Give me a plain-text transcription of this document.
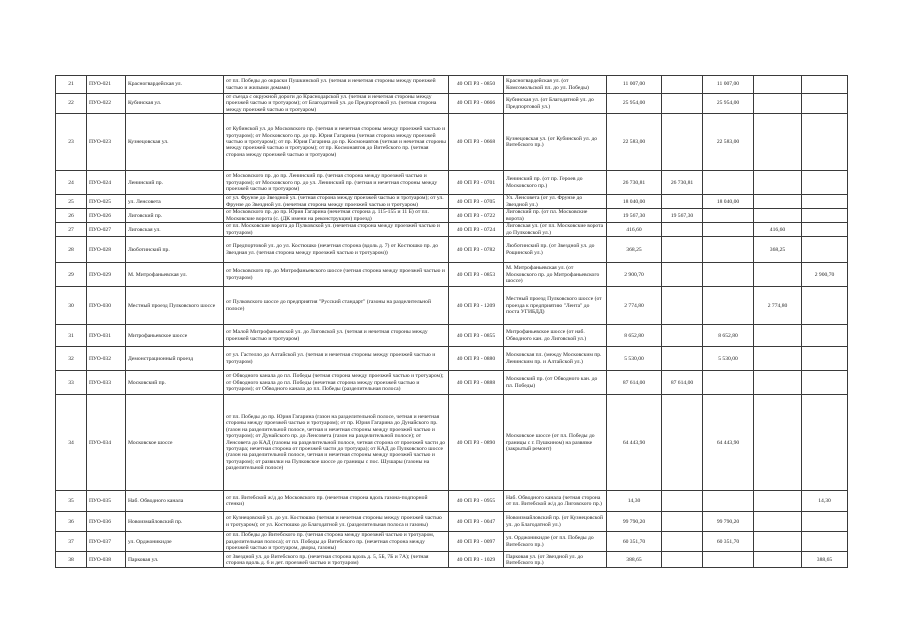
21	ПУО-021	Красногвардейская ул.	от пл. Победы до окраски Пушкинской ул. (четная и нечетная стороны между проезжей частью и жилыми домами)	40 ОП РЗ - 0850	Красногвардейская ул. (от Комсомольской пл. до ул. Победы)	11 007,00		11 007,00		
22	ПУО-022	Кубинская ул.	от съезда с окружной дороги до Краснодарской ул. (четная и нечетная стороны между проезжей частью и тротуаром); от Благодатной ул. до Предпортовой ул. (четная сторона между проезжей частью и тротуаром)	40 ОП РЗ - 0666	Кубинская ул. (от Благодатной ул. до Предпортовой ул.)	25 954,00		25 954,00		
23	ПУО-023	Кузнецовская ул.	от Кубинской ул. до Московского пр. (четная и нечетная стороны между проезжей частью и тротуаром); от Московского пр. до пр. Юрия Гагарина (четная сторона между проезжей частью и тротуаром); от пр. Юрия Гагарина до пр. Космонавтов (четная и нечетная стороны между проезжей частью и тротуаром); от пр. Космонавтов до Витебского пр. (четная сторона между проезжей частью и тротуаром)	40 ОП РЗ - 0668	Кузнецовская ул. (от Кубинской ул. до Витебского пр.)	22 583,00		22 583,00		
24	ПУО-024	Ленинский пр.	от Московского пр. до пр. Ленинский пр. (четная сторона между проезжей частью и тротуаром); от Московского пр. до ул. Ленинский пр. (четная и нечетная стороны между проезжей частью и тротуаром)	40 ОП РЗ - 0701	Ленинский пр. (от пр. Героев до Московского пр.)	26 730,81	26 730,81			
25	ПУО-025	ул. Ленсовета	от ул. Фрунзе до Звездной ул. (четная сторона между проезжей частью и тротуаром); от ул. Фрунзе до Звездной ул. (нечетная сторона между проезжей частью и тротуаром)	40 ОП РЗ - 0705	Ул. Ленсовета (от ул. Фрунзе до Звездной ул.)	18 040,00		18 040,00		
26	ПУО-026	Лиговский пр.	от Московского пр. до пр. Юрия Гагарина (нечетная сторона д. 115-155 и 11 Б) от пл. Московские ворота (с. (ДК имени на реконструкции) проезд)	40 ОП РЗ - 0722	Лиговский пр. (от пл. Московские ворота)	19 567,30	19 567,30			
27	ПУО-027	Лиговская ул.	от пл. Московские ворота до Пулковской ул. (нечетная сторона между проезжей частью и тротуаром)	40 ОП РЗ - 0724	Лиговская ул. (от пл. Московские ворота до Пулковской ул.)	416,60			416,60	
28	ПУО-028	Люботинский пр.	от Предпортовой ул. до ул. Костюшко (нечетная сторона (вдоль д. 7) от Костюшко пр. до Звездная ул. (четная сторона между проезжей частью и тротуаром))	40 ОП РЗ - 0782	Люботинский пр. (от Звездной ул. до Рощинской ул.)	368,25			368,25	
29	ПУО-029	М. Митрофаньевская ул.	от Московского пр. до Митрофаньевского шоссе (четная сторона между проезжей частью и тротуаром)	40 ОП РЗ - 0853	М. Митрофаньевская ул. (от Московского пр. до Митрофаньевского шоссе)	2 900,70				2 900,70
30	ПУО-030	Местный проезд Пулковского шоссе	от Пулковского шоссе до предприятия "Русский стандарт" (газоны на разделительной полосе)	40 ОП РЗ - 1209	Местный проезд Пулковского шоссе (от проезда к предприятию "Лента" до поста УГИБДД)	2 774,80			2 774,80	
31	ПУО-031	Митрофаньевское шоссе	от Малой Митрофаньевской ул. до Лиговской ул. (четная и нечетная стороны между проезжей частью и тротуаром)	40 ОП РЗ - 0855	Митрофаньевское шоссе (от наб. Обводного кан. до Лиговской ул.)	8 652,80		8 652,80		
32	ПУО-032	Демонстрационный проезд	от ул. Гастелло до Алтайской ул. (четная и нечетная стороны между проезжей частью и тротуаром)	40 ОП РЗ - 0880	Московская пл. (между Московским пр. Ленинским пр. и Алтайской ул.)	5 530,00		5 530,00		
33	ПУО-033	Московский пр.	от Обводного канала до пл. Победы (четная сторона между проезжей частью и тротуаром); от Обводного канала до пл. Победы (нечетная сторона между проезжей частью и тротуаром); от Обводного канала до пл. Победы (разделительная полоса)	40 ОП РЗ - 0888	Московский пр. (от Обводного кан. до пл. Победы)	87 614,00	87 614,00			
34	ПУО-034	Московское шоссе	от пл. Победы до пр. Юрия Гагарина (газон на разделительной полосе, четная и нечетная стороны между проезжей частью и тротуаром); от пр. Юрия Гагарина до Дунайского пр. (газон на разделительной полосе, четная и нечетная стороны между проезжей частью и тротуаром); от Дунайского пр. до Ленсовета (газон на разделительной полосе); от Ленсовета до КАД (газоны на разделительной полосе, четная сторона от проезжей части до тротуара; нечетная сторона от проезжей части до тротуара); от КАД до Пулковского шоссе (газон на разделительной полосе, четная и нечетная стороны между проезжей частью и тротуаром); от развилки на Пулковское шоссе до границы с пос. Шушары (газоны на разделительной полосе)	40 ОП РЗ - 0890	Московское шоссе (от пл. Победы до границы с г. Пушкином) на развязке (закрытый ремонт)	64 443,90		64 443,90		
35	ПУО-035	Наб. Обводного канала	от пл. Витебской ж/д до Московского пр. (нечетная сторона вдоль газона-подпорной стенки)	40 ОП РЗ - 0955	Наб. Обводного канала (четная сторона от пл. Витебской ж/д до Лиговского пр.)	14,30				14,30
36	ПУО-036	Новоизмайловский пр.	от Кузнецовской ул. до ул. Костюшко (четная и нечетная стороны между проезжей частью и тротуаром); от ул. Костюшко до Благодатной ул. (разделительная полоса и газоны)	40 ОП РЗ - 0047	Новоизмайловский пр. (от Кузнецовской ул. до Благодатной ул.)	99 790,20		99 790,20		
37	ПУО-037	ул. Орджоникидзе	от пл. Победы до Витебского пр. (четная сторона между проезжей частью и тротуаром, разделительная полоса); от пл. Победы до Витебского пр. (нечетная сторона между проезжей частью и тротуаром, дворы, газоны)	40 ОП РЗ - 0097	ул. Орджоникидзе (от пл. Победы до Витебского пр.)	60 351,70		60 351,70		
38	ПУО-038	Парковая ул.	от Звездной ул. до Витебского пр. (нечетная сторона вдоль д. 5, 5Б, 7Б и 7А); (четная сторона вдоль д. 6 и дет. проезжей частью и тротуаром)	40 ОП РЗ - 1029	Парковая ул. (от Звездной ул. до Витебского пр.)	388,65				388,65
